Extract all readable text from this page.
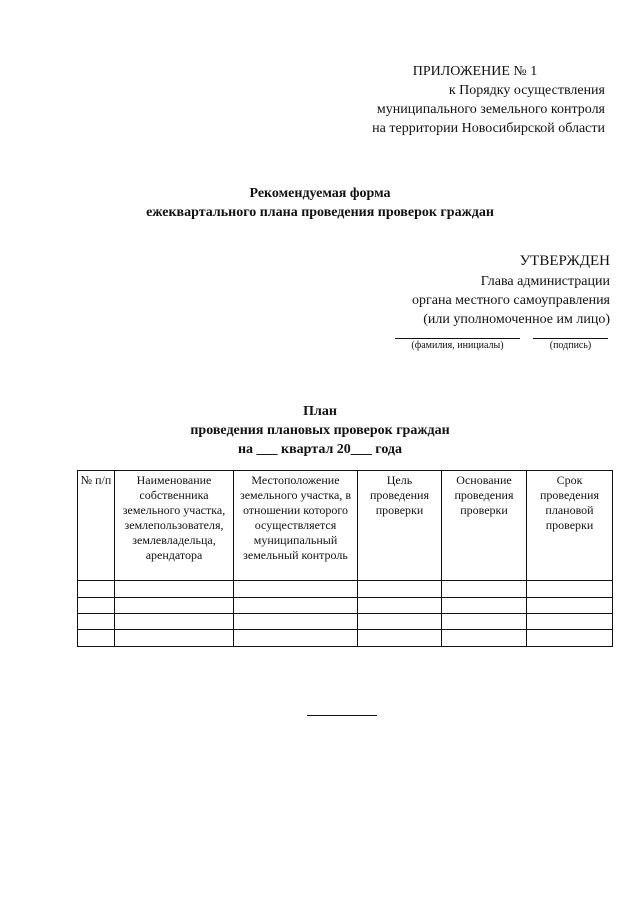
ПРИЛОЖЕНИЕ № 1
к Порядку осуществления
муниципального земельного контроля
на территории Новосибирской области
Рекомендуемая форма
ежеквартального плана проведения проверок граждан
УТВЕРЖДЕН
Глава администрации
органа местного самоуправления
(или уполномоченное им лицо)
(фамилия, инициалы)	(подпись)
План
проведения плановых проверок граждан
на ___ квартал 20___ года
№ п/п	Наименование собственника земельного участка, землепользователя, землевладельца, арендатора	Местоположение земельного участка, в отношении которого осуществляется муниципальный земельный контроль	Цель проведения проверки	Основание проведения проверки	Срок проведения плановой проверки
